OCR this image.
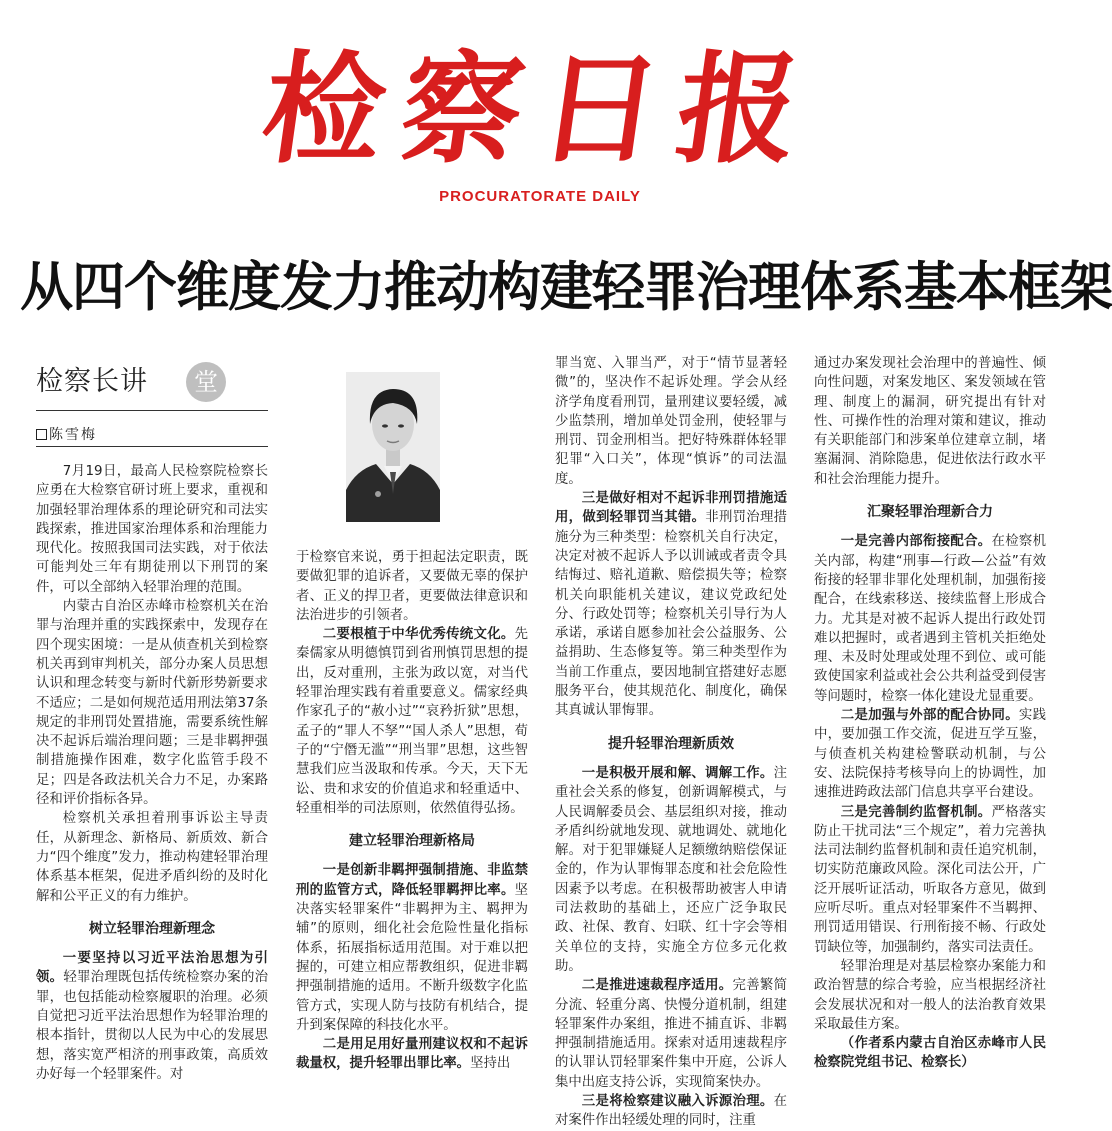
检察日报
PROCURATORATE DAILY
从四个维度发力推动构建轻罪治理体系基本框架
检察长讲	堂
陈雪梅

7月19日，最高人民检察院检察长应勇在大检察官研讨班上要求，重视和加强轻罪治理体系的理论研究和司法实践探索，推进国家治理体系和治理能力现代化。按照我国司法实践，对于依法可能判处三年有期徒刑以下刑罚的案件，可以全部纳入轻罪治理的范围。

内蒙古自治区赤峰市检察机关在治罪与治理并重的实践探索中，发现存在四个现实困境：一是从侦查机关到检察机关再到审判机关，部分办案人员思想认识和理念转变与新时代新形势新要求不适应；二是如何规范适用刑法第37条规定的非刑罚处置措施，需要系统性解决不起诉后端治理问题；三是非羁押强制措施操作困难，数字化监管手段不足；四是各政法机关合力不足，办案路径和评价指标各异。

检察机关承担着刑事诉讼主导责任，从新理念、新格局、新质效、新合力“四个维度”发力，推动构建轻罪治理体系基本框架，促进矛盾纠纷的及时化解和公平正义的有力维护。

树立轻罪治理新理念

一要坚持以习近平法治思想为引领。轻罪治理既包括传统检察办案的治罪，也包括能动检察履职的治理。必须自觉把习近平法治思想作为轻罪治理的根本指针，贯彻以人民为中心的发展思想，落实宽严相济的刑事政策，高质效办好每一个轻罪案件。对

于检察官来说，勇于担起法定职责，既要做犯罪的追诉者，又要做无辜的保护者、正义的捍卫者，更要做法律意识和法治进步的引领者。

二要根植于中华优秀传统文化。先秦儒家从明德慎罚到省刑慎罚思想的提出，反对重刑，主张为政以宽，对当代轻罪治理实践有着重要意义。儒家经典作家孔子的“赦小过”“哀矜折狱”思想，孟子的“罪人不孥”“国人杀人”思想，荀子的“宁僭无滥”“刑当罪”思想，这些智慧我们应当汲取和传承。今天，天下无讼、贵和求安的价值追求和轻重适中、轻重相举的司法原则，依然值得弘扬。

建立轻罪治理新格局

一是创新非羁押强制措施、非监禁刑的监管方式，降低轻罪羁押比率。坚决落实轻罪案件“非羁押为主、羁押为辅”的原则，细化社会危险性量化指标体系，拓展指标适用范围。对于难以把握的，可建立相应帮教组织，促进非羁押强制措施的适用。不断升级数字化监管方式，实现人防与技防有机结合，提升到案保障的科技化水平。

二是用足用好量刑建议权和不起诉裁量权，提升轻罪出罪比率。坚持出

罪当宽、入罪当严，对于“情节显著轻微”的，坚决作不起诉处理。学会从经济学角度看刑罚，量刑建议要轻缓，减少监禁刑，增加单处罚金刑，使轻罪与刑罚、罚金刑相当。把好特殊群体轻罪犯罪“入口关”，体现“慎诉”的司法温度。

三是做好相对不起诉非刑罚措施适用，做到轻罪罚当其错。非刑罚治理措施分为三种类型：检察机关自行决定，决定对被不起诉人予以训诫或者责令具结悔过、赔礼道歉、赔偿损失等；检察机关向职能机关建议，建议党政纪处分、行政处罚等；检察机关引导行为人承诺，承诺自愿参加社会公益服务、公益捐助、生态修复等。第三种类型作为当前工作重点，要因地制宜搭建好志愿服务平台，使其规范化、制度化，确保其真诚认罪悔罪。

提升轻罪治理新质效

一是积极开展和解、调解工作。注重社会关系的修复，创新调解模式，与人民调解委员会、基层组织对接，推动矛盾纠纷就地发现、就地调处、就地化解。对于犯罪嫌疑人足额缴纳赔偿保证金的，作为认罪悔罪态度和社会危险性因素予以考虑。在积极帮助被害人申请司法救助的基础上，还应广泛争取民政、社保、教育、妇联、红十字会等相关单位的支持，实施全方位多元化救助。

二是推进速裁程序适用。完善繁简分流、轻重分离、快慢分道机制，组建轻罪案件办案组，推进不捕直诉、非羁押强制措施适用。探索对适用速裁程序的认罪认罚轻罪案件集中开庭，公诉人集中出庭支持公诉，实现简案快办。

三是将检察建议融入诉源治理。在对案件作出轻缓处理的同时，注重

通过办案发现社会治理中的普遍性、倾向性问题，对案发地区、案发领域在管理、制度上的漏洞，研究提出有针对性、可操作性的治理对策和建议，推动有关职能部门和涉案单位建章立制，堵塞漏洞、消除隐患，促进依法行政水平和社会治理能力提升。

汇聚轻罪治理新合力

一是完善内部衔接配合。在检察机关内部，构建“刑事—行政—公益”有效衔接的轻罪非罪化处理机制，加强衔接配合，在线索移送、接续监督上形成合力。尤其是对被不起诉人提出行政处罚难以把握时，或者遇到主管机关拒绝处理、未及时处理或处理不到位、或可能致使国家利益或社会公共利益受到侵害等问题时，检察一体化建设尤显重要。

二是加强与外部的配合协同。实践中，要加强工作交流，促进互学互鉴，与侦查机关构建检警联动机制，与公安、法院保持考核导向上的协调性，加速推进跨政法部门信息共享平台建设。

三是完善制约监督机制。严格落实防止干扰司法“三个规定”，着力完善执法司法制约监督机制和责任追究机制，切实防范廉政风险。深化司法公开，广泛开展听证活动，听取各方意见，做到应听尽听。重点对轻罪案件不当羁押、刑罚适用错误、行刑衔接不畅、行政处罚缺位等，加强制约，落实司法责任。

轻罪治理是对基层检察办案能力和政治智慧的综合考验，应当根据经济社会发展状况和对一般人的法治教育效果采取最佳方案。

（作者系内蒙古自治区赤峰市人民检察院党组书记、检察长）
